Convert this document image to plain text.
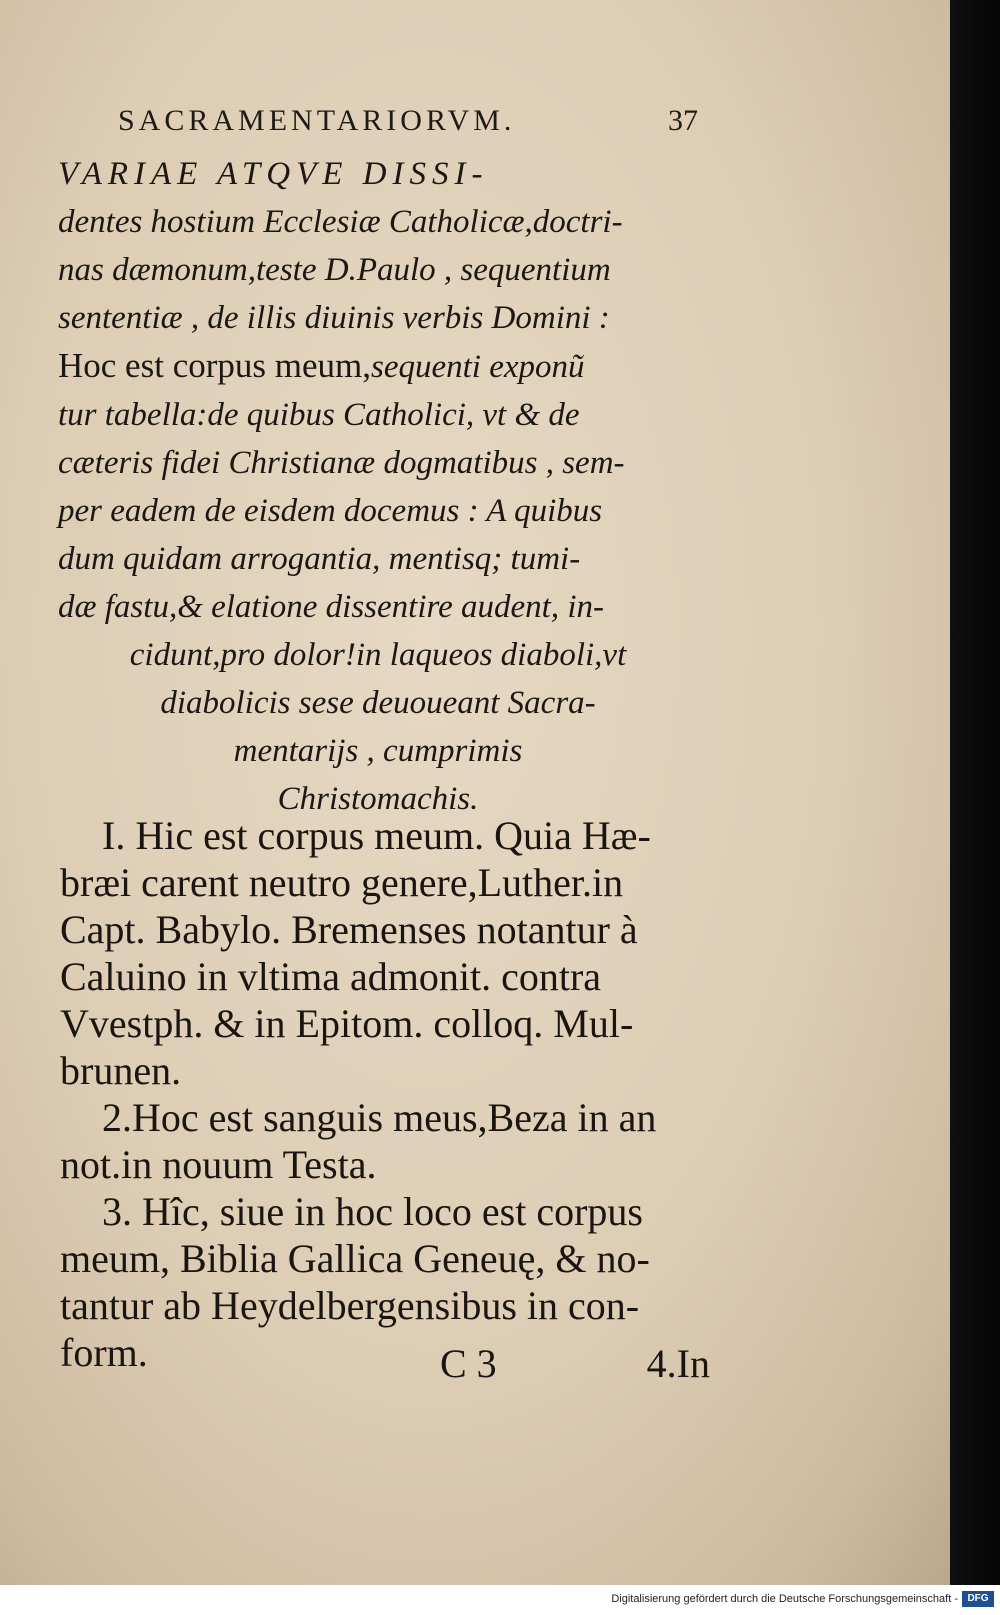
SACRAMENTARIORVM.	37
VARIAE ATQVE DISSI-
dentes hostium Ecclesiæ Catholicæ,doctri-
nas dæmonum,teste D.Paulo , sequentium
sententiæ , de illis diuinis verbis Domini :
Hoc est corpus meum,sequenti exponũ
tur tabella:de quibus Catholici, vt & de
cæteris fidei Christianæ dogmatibus , sem-
per eadem de eisdem docemus : A quibus
dum quidam arrogantia, mentisq; tumi-
dæ fastu,& elatione dissentire audent, in-
cidunt,pro dolor!in laqueos diaboli,vt
diabolicis sese deuoueant Sacra-
mentarijs , cumprimis
Christomachis.
I. Hic est corpus meum. Quia Hæ-
bræi carent neutro genere,Luther.in
Capt. Babylo. Bremenses notantur à
Caluino in vltima admonit. contra
Vvestph. & in Epitom. colloq. Mul-
brunen.
2.Hoc est sanguis meus,Beza in an
not.in nouum Testa.
3. Hîc, siue in hoc loco est corpus
meum, Biblia Gallica Geneuę, & no-
tantur ab Heydelbergensibus in con-
form.	C 3	4.In
Digitalisierung gefördert durch die Deutsche Forschungsgemeinschaft - DFG
